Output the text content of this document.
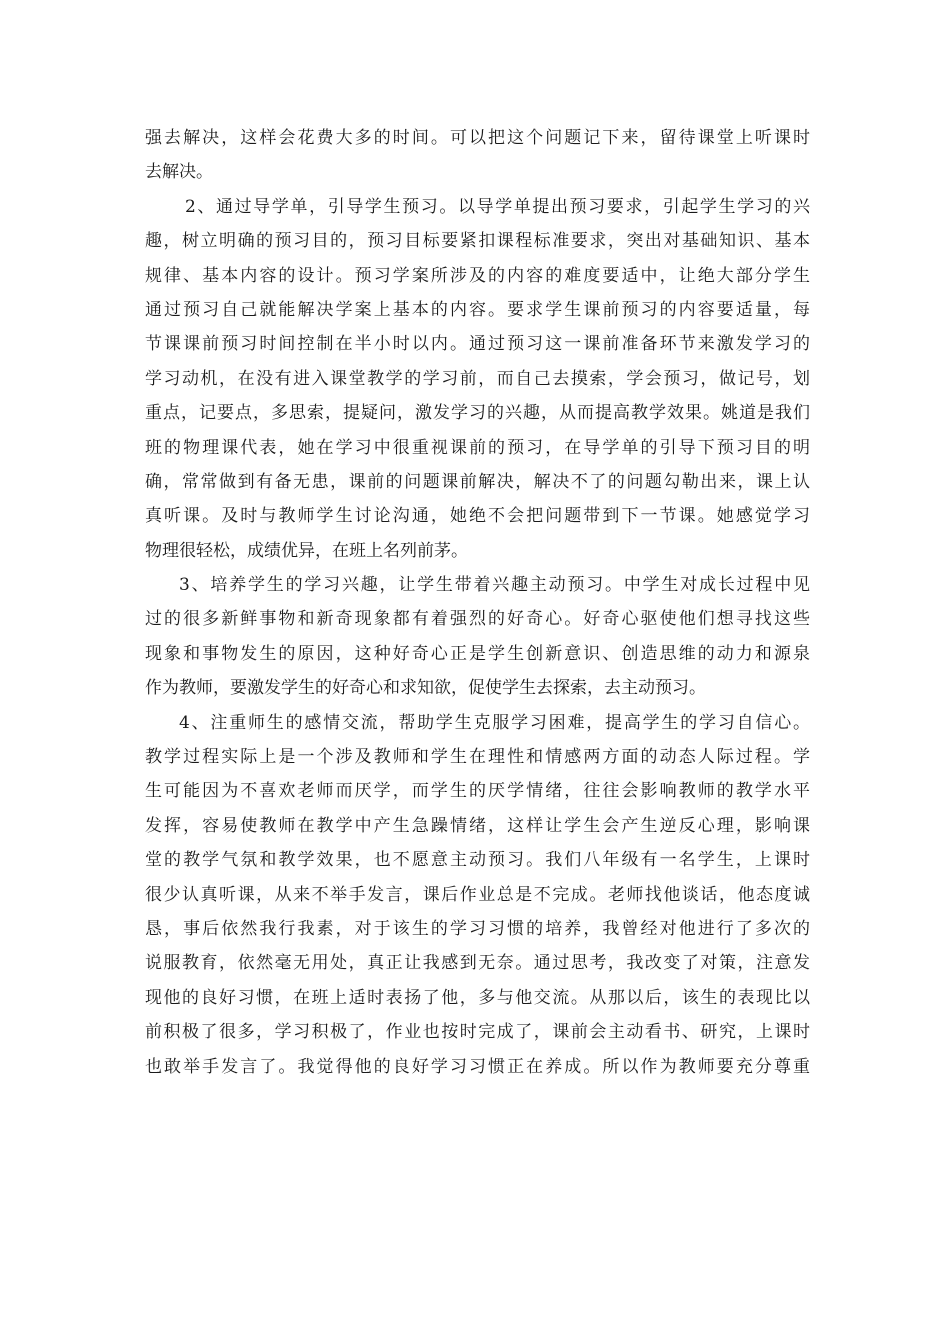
强去解决，这样会花费大多的时间。可以把这个问题记下来，留待课堂上听课时
去解决。
2、通过导学单，引导学生预习。以导学单提出预习要求，引起学生学习的兴
趣，树立明确的预习目的，预习目标要紧扣课程标准要求，突出对基础知识、基本
规律、基本内容的设计。预习学案所涉及的内容的难度要适中，让绝大部分学生
通过预习自己就能解决学案上基本的内容。要求学生课前预习的内容要适量，每
节课课前预习时间控制在半小时以内。通过预习这一课前准备环节来激发学习的
学习动机，在没有进入课堂教学的学习前，而自己去摸索，学会预习，做记号，划
重点，记要点，多思索，提疑问，激发学习的兴趣，从而提高教学效果。姚道是我们
班的物理课代表，她在学习中很重视课前的预习，在导学单的引导下预习目的明
确，常常做到有备无患，课前的问题课前解决，解决不了的问题勾勒出来，课上认
真听课。及时与教师学生讨论沟通，她绝不会把问题带到下一节课。她感觉学习
物理很轻松，成绩优异，在班上名列前茅。
3、培养学生的学习兴趣，让学生带着兴趣主动预习。中学生对成长过程中见
过的很多新鲜事物和新奇现象都有着强烈的好奇心。好奇心驱使他们想寻找这些
现象和事物发生的原因，这种好奇心正是学生创新意识、创造思维的动力和源泉
作为教师，要激发学生的好奇心和求知欲，促使学生去探索，去主动预习。
4、注重师生的感情交流，帮助学生克服学习困难，提高学生的学习自信心。
教学过程实际上是一个涉及教师和学生在理性和情感两方面的动态人际过程。学
生可能因为不喜欢老师而厌学，而学生的厌学情绪，往往会影响教师的教学水平
发挥，容易使教师在教学中产生急躁情绪，这样让学生会产生逆反心理，影响课
堂的教学气氛和教学效果，也不愿意主动预习。我们八年级有一名学生，上课时
很少认真听课，从来不举手发言，课后作业总是不完成。老师找他谈话，他态度诚
恳，事后依然我行我素，对于该生的学习习惯的培养，我曾经对他进行了多次的
说服教育，依然毫无用处，真正让我感到无奈。通过思考，我改变了对策，注意发
现他的良好习惯，在班上适时表扬了他，多与他交流。从那以后，该生的表现比以
前积极了很多，学习积极了，作业也按时完成了，课前会主动看书、研究，上课时
也敢举手发言了。我觉得他的良好学习习惯正在养成。所以作为教师要充分尊重
